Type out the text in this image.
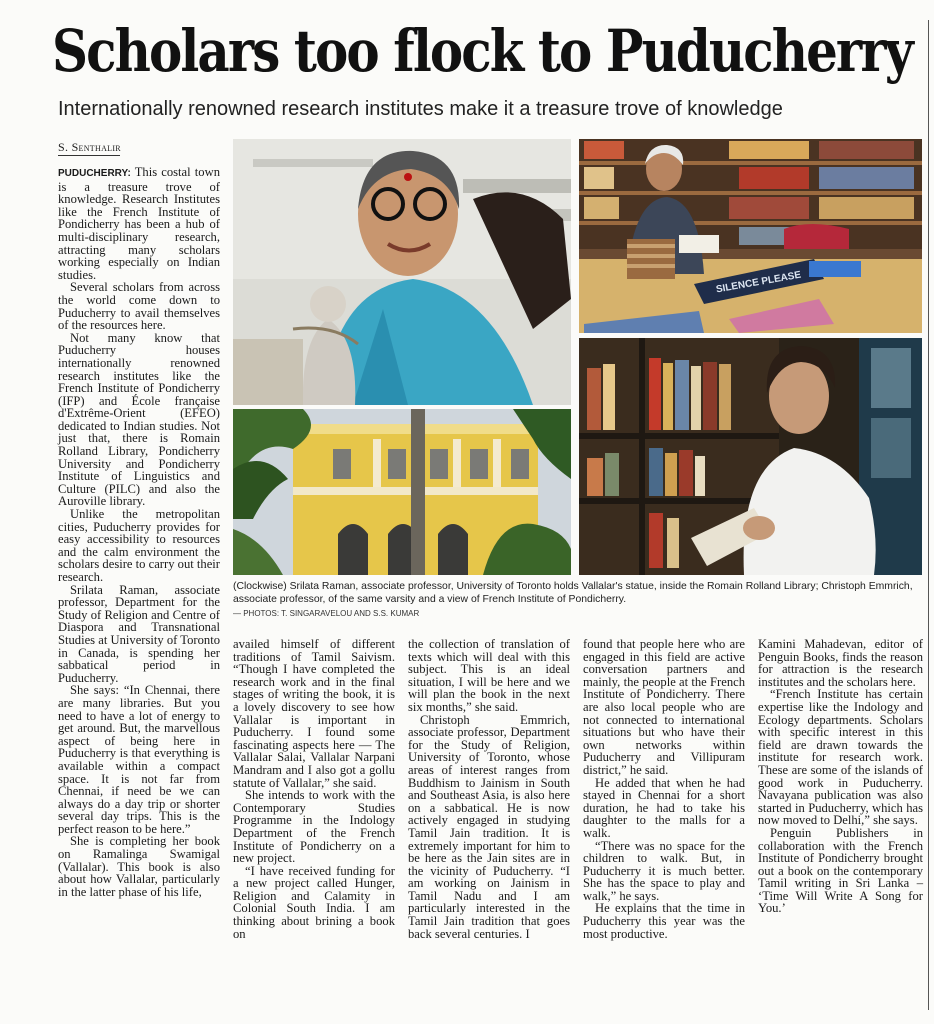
Scholars too flock to Puducherry
Internationally renowned research institutes make it a treasure trove of knowledge
S. Senthalir

PUDUCHERRY: This costal town is a treasure trove of knowledge. Research Institutes like the French Institute of Pondicherry has been a hub of multi-disciplinary research, attracting many scholars working especially on Indian studies.

Several scholars from across the world come down to Puducherry to avail themselves of the resources here.

Not many know that Puducherry houses internationally renowned research institutes like the French Institute of Pondicherry (IFP) and École française d'Extrême-Orient (EFEO) dedicated to Indian studies. Not just that, there is Romain Rolland Library, Pondicherry University and Pondicherry Institute of Linguistics and Culture (PILC) and also the Auroville library.

Unlike the metropolitan cities, Puducherry provides for easy accessibility to resources and the calm environment the scholars desire to carry out their research.

Srilata Raman, associate professor, Department for the Study of Religion and Centre of Diaspora and Transnational Studies at University of Toronto in Canada, is spending her sabbatical period in Puducherry.

She says: “In Chennai, there are many libraries. But you need to have a lot of energy to get around. But, the marvellous aspect of being here in Puducherry is that everything is available within a compact space. It is not far from Chennai, if need be we can always do a day trip or shorter several day trips. This is the perfect reason to be here.”

She is completing her book on Ramalinga Swamigal (Vallalar). This book is also about how Vallalar, particularly in the latter phase of his life,

availed himself of different traditions of Tamil Saivism. “Though I have completed the research work and in the final stages of writing the book, it is a lovely discovery to see how Vallalar is important in Puducherry. I found some fascinating aspects here — The Vallalar Salai, Vallalar Narpani Mandram and I also got a gollu statute of Vallalar,” she said.

She intends to work with the Contemporary Studies Programme in the Indology Department of the French Institute of Pondicherry on a new project.

“I have received funding for a new project called Hunger, Religion and Calamity in Colonial South India. I am thinking about brining a book on

the collection of translation of texts which will deal with this subject. This is an ideal situation, I will be here and we will plan the book in the next six months,” she said.

Christoph Emmrich, associate professor, Department for the Study of Religion, University of Toronto, whose areas of interest ranges from Buddhism to Jainism in South and Southeast Asia, is also here on a sabbatical. He is now actively engaged in studying Tamil Jain tradition. It is extremely important for him to be here as the Jain sites are in the vicinity of Puducherry. “I am working on Jainism in Tamil Nadu and I am particularly interested in the Tamil Jain tradition that goes back several centuries. I

found that people here who are engaged in this field are active conversation partners and mainly, the people at the French Institute of Pondicherry. There are also local people who are not connected to international situations but who have their own networks within Puducherry and Villipuram district,” he said.

He added that when he had stayed in Chennai for a short duration, he had to take his daughter to the malls for a walk.

“There was no space for the children to walk. But, in Puducherry it is much better. She has the space to play and walk,” he says.

He explains that the time in Puducherry this year was the most productive.

Kamini Mahadevan, editor of Penguin Books, finds the reason for attraction is the research institutes and the scholars here.

“French Institute has certain expertise like the Indology and Ecology departments. Scholars with specific interest in this field are drawn towards the institute for research work. These are some of the islands of good work in Puducherry. Navayana publication was also started in Puducherry, which has now moved to Delhi,” she says.

Penguin Publishers in collaboration with the French Institute of Pondicherry brought out a book on the contemporary Tamil writing in Sri Lanka – ‘Time Will Write A Song for You.’

SILENCE PLEASE
(Clockwise) Srilata Raman, associate professor, University of Toronto holds Vallalar's statue, inside the Romain Rolland Library; Christoph Emmrich, associate professor, of the same varsity and a view of French Institute of Pondicherry.
— PHOTOS: T. SINGARAVELOU AND S.S. KUMAR
